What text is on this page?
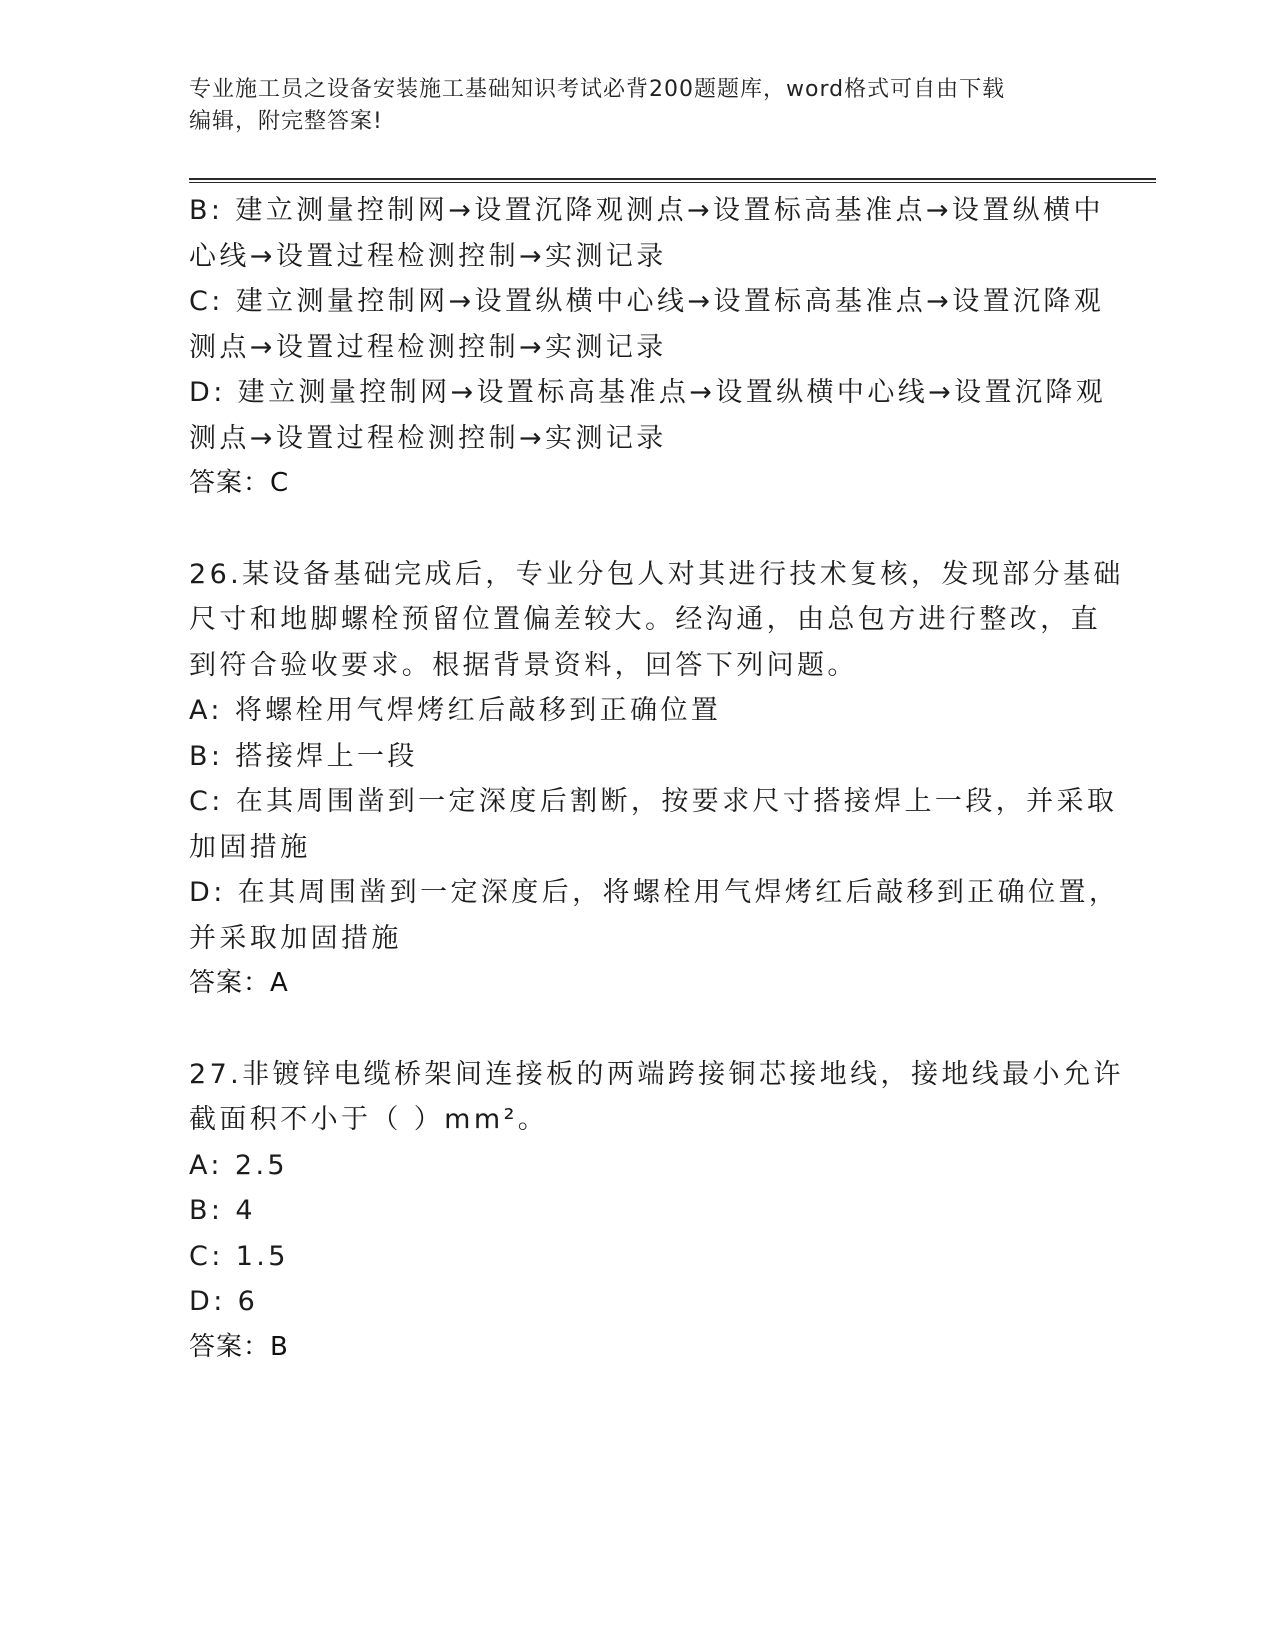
专业施工员之设备安装施工基础知识考试必背200题题库，word格式可自由下载
编辑，附完整答案!
B: 建立测量控制网→设置沉降观测点→设置标高基准点→设置纵横中
心线→设置过程检测控制→实测记录
C: 建立测量控制网→设置纵横中心线→设置标高基准点→设置沉降观
测点→设置过程检测控制→实测记录
D: 建立测量控制网→设置标高基准点→设置纵横中心线→设置沉降观
测点→设置过程检测控制→实测记录
答案：C
26.某设备基础完成后，专业分包人对其进行技术复核，发现部分基础
尺寸和地脚螺栓预留位置偏差较大。经沟通，由总包方进行整改，直
到符合验收要求。根据背景资料，回答下列问题。
A: 将螺栓用气焊烤红后敲移到正确位置
B: 搭接焊上一段
C: 在其周围凿到一定深度后割断，按要求尺寸搭接焊上一段，并采取
加固措施
D: 在其周围凿到一定深度后，将螺栓用气焊烤红后敲移到正确位置，
并采取加固措施
答案：A
27.非镀锌电缆桥架间连接板的两端跨接铜芯接地线，接地线最小允许
截面积不小于（ ）mm²。
A: 2.5
B: 4
C: 1.5
D: 6
答案：B
